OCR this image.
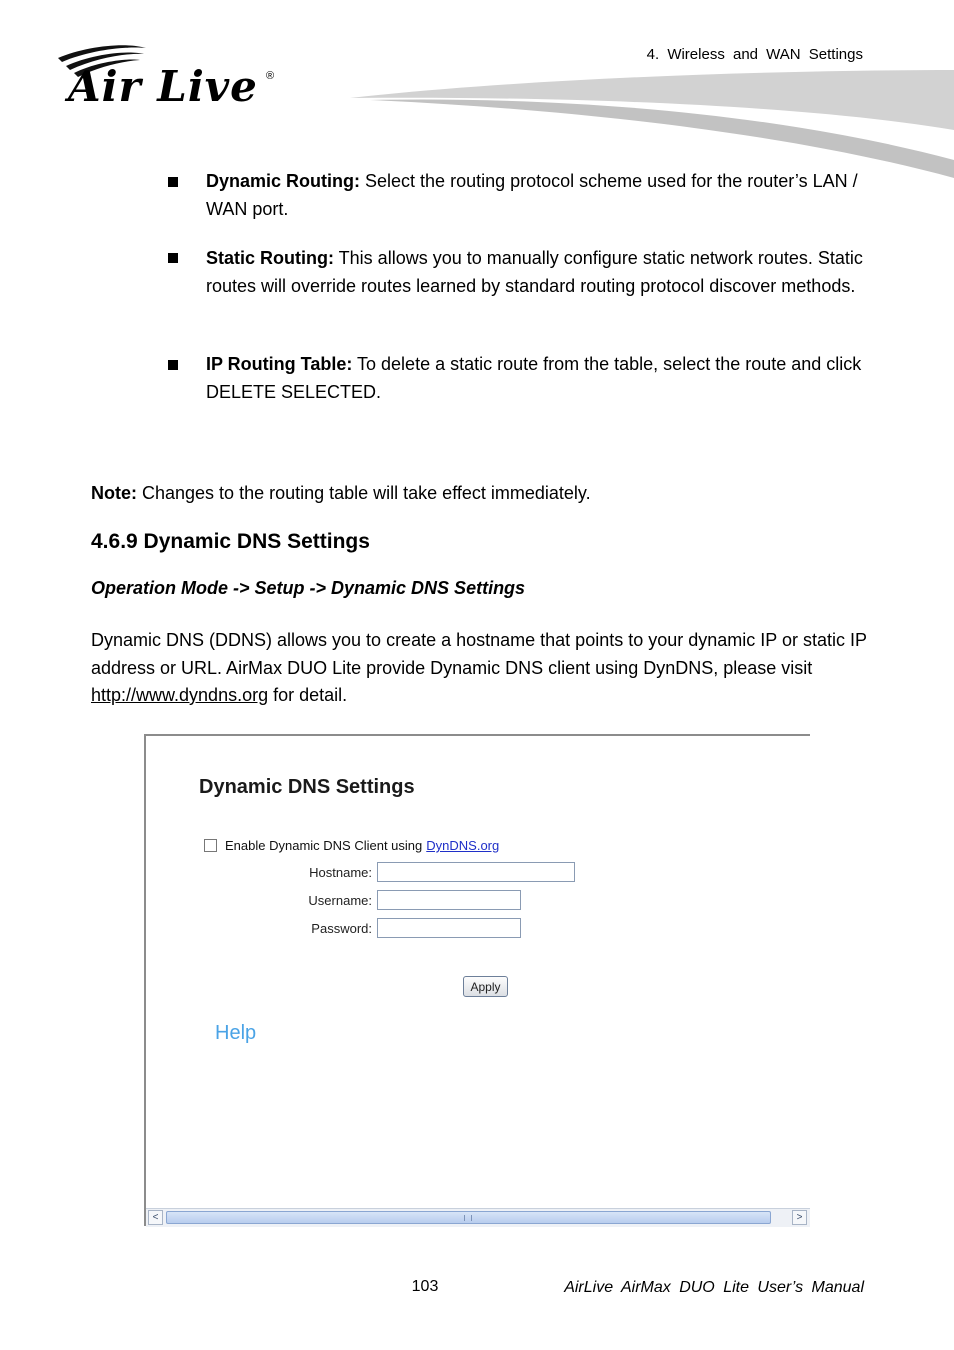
4. Wireless and WAN Settings
Air Live ®
Dynamic Routing: Select the routing protocol scheme used for the router’s LAN / WAN port.
Static Routing: This allows you to manually configure static network routes. Static routes will override routes learned by standard routing protocol discover methods.
IP Routing Table: To delete a static route from the table, select the route and click DELETE SELECTED.
Note: Changes to the routing table will take effect immediately.
4.6.9 Dynamic DNS Settings
Operation Mode -> Setup -> Dynamic DNS Settings
Dynamic DNS (DDNS) allows you to create a hostname that points to your dynamic IP or static IP address or URL. AirMax DUO Lite provide Dynamic DNS client using DynDNS, please visit http://www.dyndns.org for detail.
Dynamic DNS Settings
Enable Dynamic DNS Client using DynDNS.org
Hostname:
Username:
Password:
Apply
Help
<	>
103	AirLive AirMax DUO Lite User’s Manual
